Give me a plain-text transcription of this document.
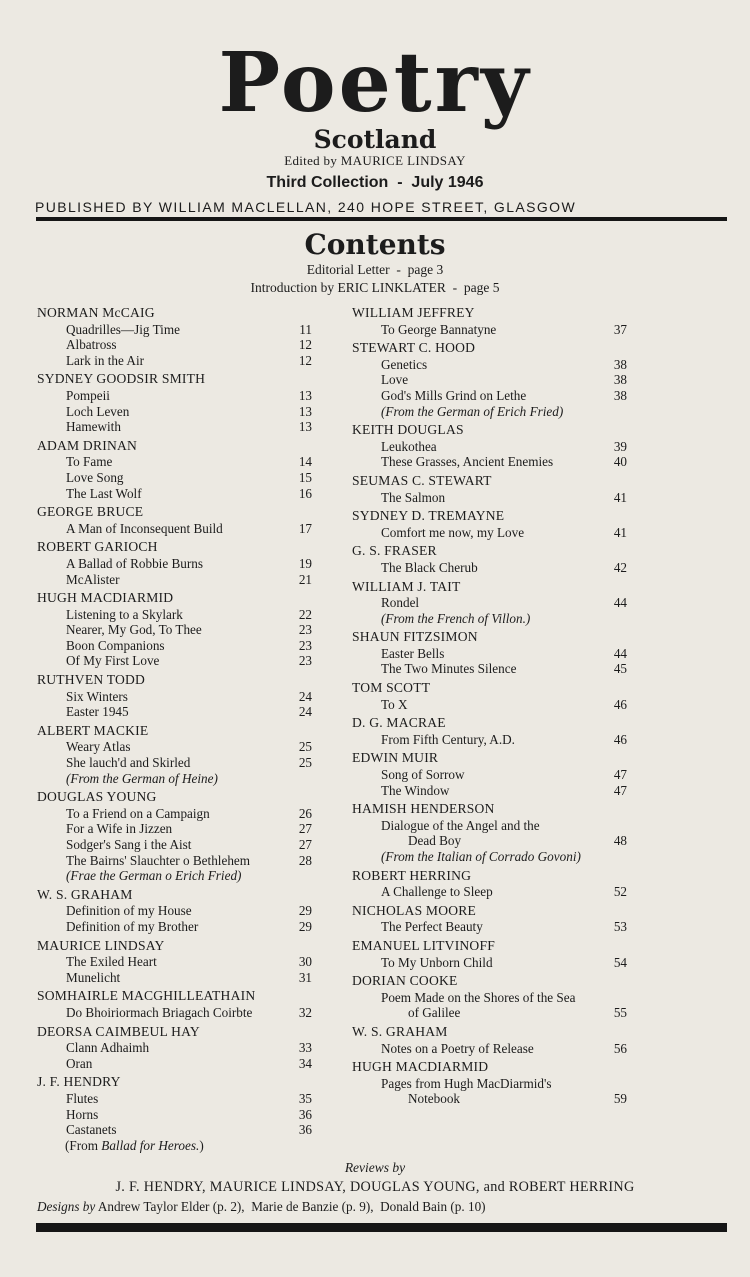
Poetry
Scotland
Edited by MAURICE LINDSAY
Third Collection  -  July 1946
PUBLISHED BY WILLIAM MACLELLAN, 240 HOPE STREET, GLASGOW
Contents
Editorial Letter  -  page 3
Introduction by ERIC LINKLATER  -  page 5
NORMAN McCAIG
Quadrilles—Jig Time	11
Albatross	12
Lark in the Air	12
SYDNEY GOODSIR SMITH
Pompeii	13
Loch Leven	13
Hamewith	13
ADAM DRINAN
To Fame	14
Love Song	15
The Last Wolf	16
GEORGE BRUCE
A Man of Inconsequent Build	17
ROBERT GARIOCH
A Ballad of Robbie Burns	19
McAlister	21
HUGH MACDIARMID
Listening to a Skylark	22
Nearer, My God, To Thee	23
Boon Companions	23
Of My First Love	23
RUTHVEN TODD
Six Winters	24
Easter 1945	24
ALBERT MACKIE
Weary Atlas	25
She lauch'd and Skirled	25
(From the German of Heine)
DOUGLAS YOUNG
To a Friend on a Campaign	26
For a Wife in Jizzen	27
Sodger's Sang i the Aist	27
The Bairns' Slauchter o Bethlehem	28
(Frae the German o Erich Fried)
W. S. GRAHAM
Definition of my House	29
Definition of my Brother	29
MAURICE LINDSAY
The Exiled Heart	30
Munelicht	31
SOMHAIRLE MACGHILLEATHAIN
Do Bhoiriormach Briagach Coirbte	32
DEORSA CAIMBEUL HAY
Clann Adhaimh	33
Oran	34
J. F. HENDRY
Flutes	35
Horns	36
Castanets	36
(From Ballad for Heroes.)
WILLIAM JEFFREY
To George Bannatyne	37
STEWART C. HOOD
Genetics	38
Love	38
God's Mills Grind on Lethe	38
(From the German of Erich Fried)
KEITH DOUGLAS
Leukothea	39
These Grasses, Ancient Enemies	40
SEUMAS C. STEWART
The Salmon	41
SYDNEY D. TREMAYNE
Comfort me now, my Love	41
G. S. FRASER
The Black Cherub	42
WILLIAM J. TAIT
Rondel	44
(From the French of Villon.)
SHAUN FITZSIMON
Easter Bells	44
The Two Minutes Silence	45
TOM SCOTT
To X	46
D. G. MACRAE
From Fifth Century, A.D.	46
EDWIN MUIR
Song of Sorrow	47
The Window	47
HAMISH HENDERSON
Dialogue of the Angel and the
Dead Boy	48
(From the Italian of Corrado Govoni)
ROBERT HERRING
A Challenge to Sleep	52
NICHOLAS MOORE
The Perfect Beauty	53
EMANUEL LITVINOFF
To My Unborn Child	54
DORIAN COOKE
Poem Made on the Shores of the Sea
of Galilee	55
W. S. GRAHAM
Notes on a Poetry of Release	56
HUGH MACDIARMID
Pages from Hugh MacDiarmid's
Notebook	59
Reviews by
J. F. HENDRY, MAURICE LINDSAY, DOUGLAS YOUNG, and ROBERT HERRING
Designs by Andrew Taylor Elder (p. 2),  Marie de Banzie (p. 9),  Donald Bain (p. 10)
